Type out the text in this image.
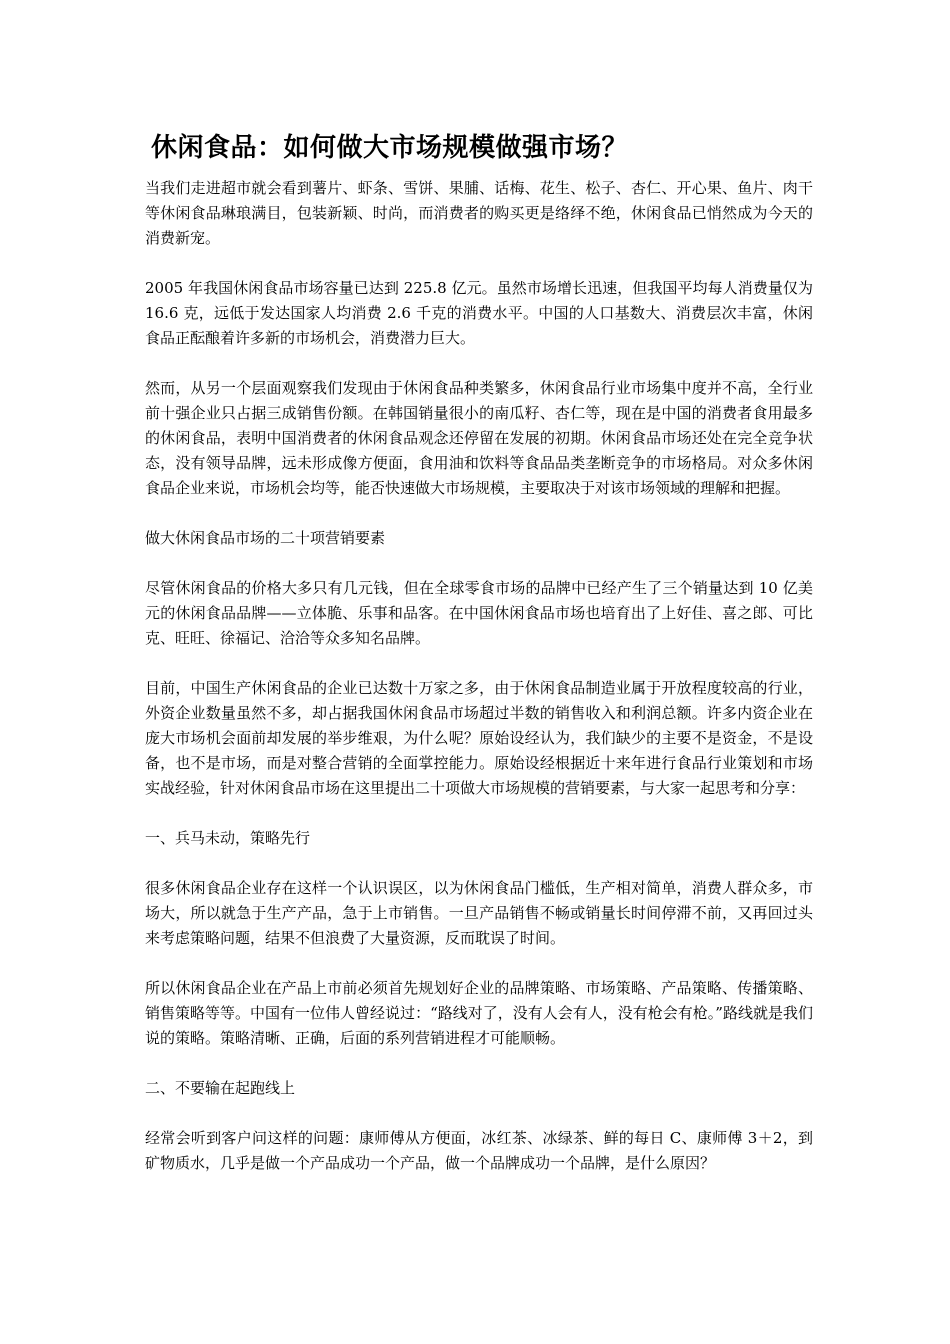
休闲食品：如何做大市场规模做强市场？

当我们走进超市就会看到薯片、虾条、雪饼、果脯、话梅、花生、松子、杏仁、开心果、鱼片、肉干等休闲食品琳琅满目，包装新颖、时尚，而消费者的购买更是络绎不绝，休闲食品已悄然成为今天的消费新宠。

2005 年我国休闲食品市场容量已达到 225.8 亿元。虽然市场增长迅速，但我国平均每人消费量仅为 16.6 克，远低于发达国家人均消费 2.6 千克的消费水平。中国的人口基数大、消费层次丰富，休闲食品正酝酿着许多新的市场机会，消费潜力巨大。

然而，从另一个层面观察我们发现由于休闲食品种类繁多，休闲食品行业市场集中度并不高，全行业前十强企业只占据三成销售份额。在韩国销量很小的南瓜籽、杏仁等，现在是中国的消费者食用最多的休闲食品，表明中国消费者的休闲食品观念还停留在发展的初期。休闲食品市场还处在完全竞争状态，没有领导品牌，远未形成像方便面，食用油和饮料等食品品类垄断竞争的市场格局。对众多休闲食品企业来说，市场机会均等，能否快速做大市场规模，主要取决于对该市场领域的理解和把握。

做大休闲食品市场的二十项营销要素

尽管休闲食品的价格大多只有几元钱，但在全球零食市场的品牌中已经产生了三个销量达到 10 亿美元的休闲食品品牌——立体脆、乐事和品客。在中国休闲食品市场也培育出了上好佳、喜之郎、可比克、旺旺、徐福记、洽洽等众多知名品牌。

目前，中国生产休闲食品的企业已达数十万家之多，由于休闲食品制造业属于开放程度较高的行业，外资企业数量虽然不多，却占据我国休闲食品市场超过半数的销售收入和利润总额。许多内资企业在庞大市场机会面前却发展的举步维艰，为什么呢？原始设经认为，我们缺少的主要不是资金，不是设备，也不是市场，而是对整合营销的全面掌控能力。原始设经根据近十来年进行食品行业策划和市场实战经验，针对休闲食品市场在这里提出二十项做大市场规模的营销要素，与大家一起思考和分享：

一、兵马未动，策略先行

很多休闲食品企业存在这样一个认识误区，以为休闲食品门槛低，生产相对简单，消费人群众多，市场大，所以就急于生产产品，急于上市销售。一旦产品销售不畅或销量长时间停滞不前，又再回过头来考虑策略问题，结果不但浪费了大量资源，反而耽误了时间。

所以休闲食品企业在产品上市前必须首先规划好企业的品牌策略、市场策略、产品策略、传播策略、销售策略等等。中国有一位伟人曾经说过：“路线对了，没有人会有人，没有枪会有枪。”路线就是我们说的策略。策略清晰、正确，后面的系列营销进程才可能顺畅。

二、不要输在起跑线上

经常会听到客户问这样的问题：康师傅从方便面，冰红茶、冰绿茶、鲜的每日 C、康师傅 3＋2，到矿物质水，几乎是做一个产品成功一个产品，做一个品牌成功一个品牌，是什么原因？
